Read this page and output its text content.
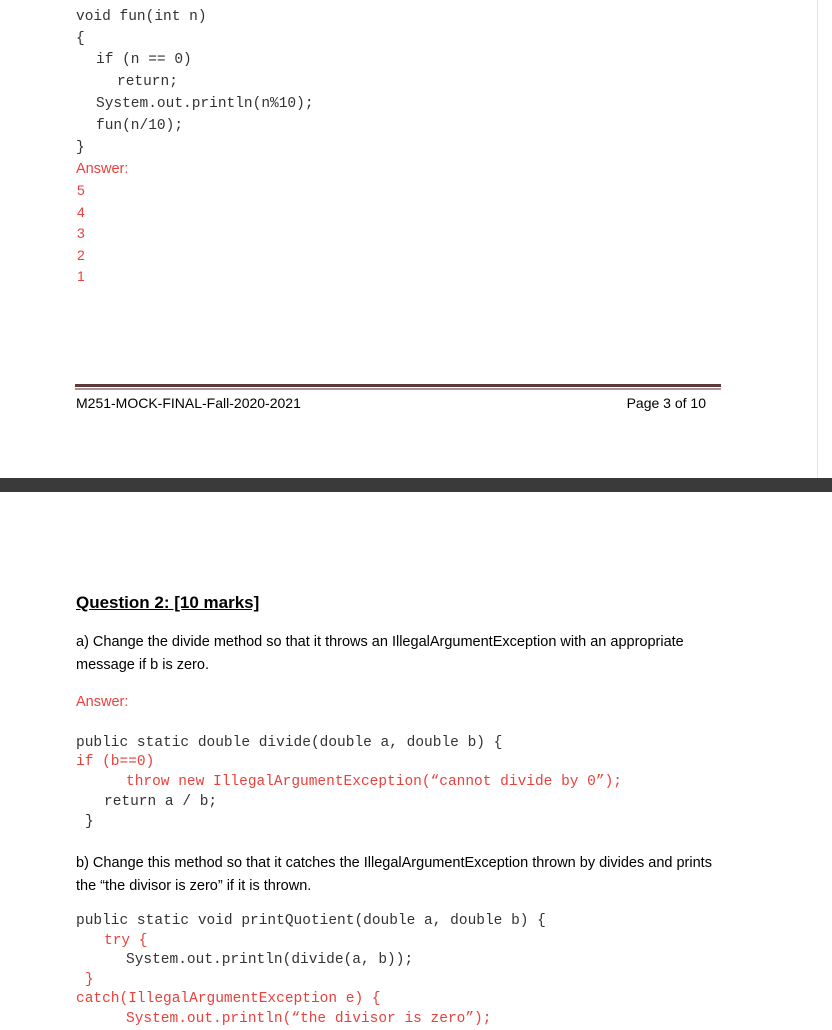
void fun(int n)
{
if (n == 0)
return;
System.out.println(n%10);
fun(n/10);
}
Answer:
5
4
3
2
1
M251-MOCK-FINAL-Fall-2020-2021	Page 3 of 10
Question 2: [10 marks]

a) Change the divide method so that it throws an IllegalArgumentException with an appropriate message if b is zero.

Answer:
public static double divide(double a, double b) {
if (b==0)
throw new IllegalArgumentException(“cannot divide by 0”);
return a / b;
}

b) Change this method so that it catches the IllegalArgumentException thrown by divides and prints the “the divisor is zero” if it is thrown.

public static void printQuotient(double a, double b) {
try {
System.out.println(divide(a, b));
}
catch(IllegalArgumentException e) {
System.out.println(“the divisor is zero”);
